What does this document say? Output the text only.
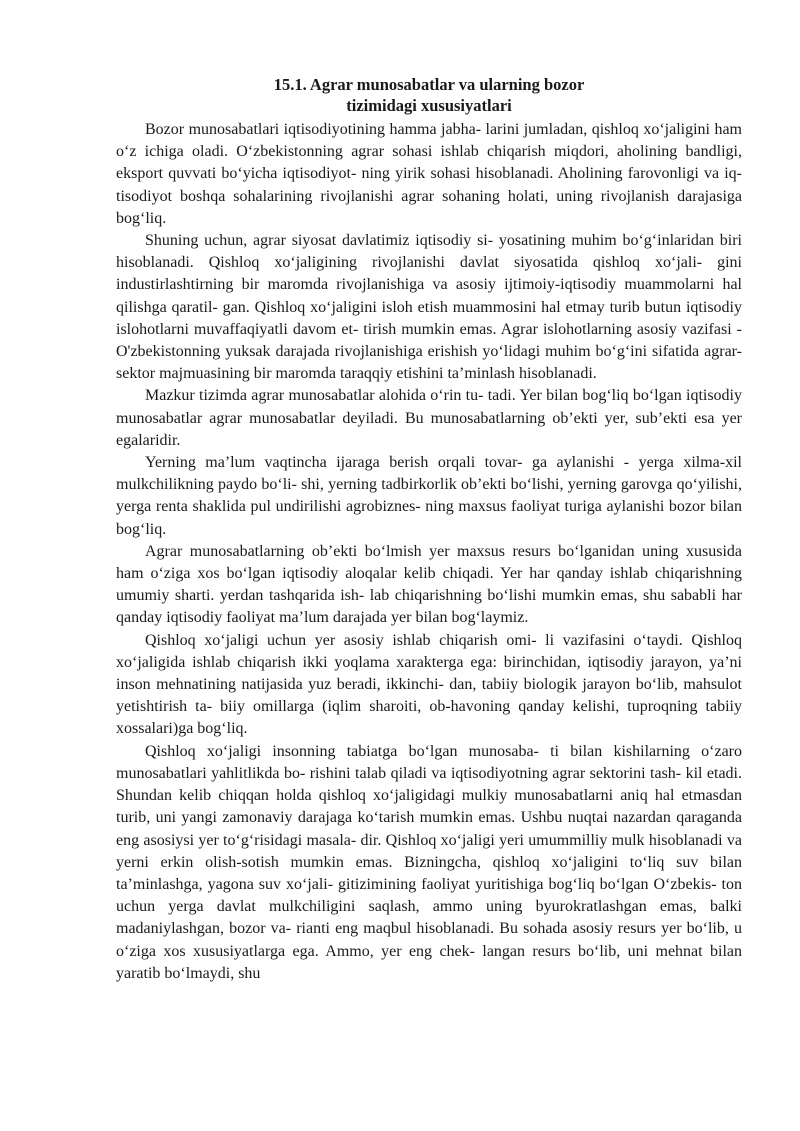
15.1. Agrar munosabatlar va ularning bozor
tizimidagi xususiyatlari

Bozor munosabatlari iqtisodiyotining hamma jabha- larini jumladan, qishloq xo‘jaligini ham o‘z ichiga oladi. O‘zbekistonning agrar sohasi ishlab chiqarish miqdori, aholining bandligi, eksport quvvati bo‘yicha iqtisodiyot- ning yirik sohasi hisoblanadi. Aholining farovonligi va iq- tisodiyot boshqa sohalarining rivojlanishi agrar sohaning holati, uning rivojlanish darajasiga bog‘liq.

Shuning uchun, agrar siyosat davlatimiz iqtisodiy si- yosatining muhim bo‘g‘inlaridan biri hisoblanadi. Qishloq xo‘jaligining rivojlanishi davlat siyosatida qishloq xo‘jali- gini industirlashtirning bir maromda rivojlanishiga va asosiy ijtimoiy-iqtisodiy muammolarni hal qilishga qaratil- gan. Qishloq xo‘jaligini isloh etish muammosini hal etmay turib butun iqtisodiy islohotlarni muvaffaqiyatli davom et- tirish mumkin emas. Agrar islohotlarning asosiy vazifasi - O'zbekistonning yuksak darajada rivojlanishiga erishish yo‘lidagi muhim bo‘g‘ini sifatida agrar-sektor majmuasining bir maromda taraqqiy etishini ta’minlash hisoblanadi.

Mazkur tizimda agrar munosabatlar alohida o‘rin tu- tadi. Yer bilan bog‘liq bo‘lgan iqtisodiy munosabatlar agrar munosabatlar deyiladi. Bu munosabatlarning ob’ekti yer, sub’ekti esa yer egalaridir.

Yerning ma’lum vaqtincha ijaraga berish orqali tovar- ga aylanishi - yerga xilma-xil mulkchilikning paydo bo‘li- shi, yerning tadbirkorlik ob’ekti bo‘lishi, yerning garovga qo‘yilishi, yerga renta shaklida pul undirilishi agrobiznes- ning maxsus faoliyat turiga aylanishi bozor bilan bog‘liq.

Agrar munosabatlarning ob’ekti bo‘lmish yer maxsus resurs bo‘lganidan uning xususida ham o‘ziga xos bo‘lgan iqtisodiy aloqalar kelib chiqadi. Yer har qanday ishlab chiqarishning umumiy sharti. yerdan tashqarida ish- lab chiqarishning bo‘lishi mumkin emas, shu sababli har qanday iqtisodiy faoliyat ma’lum darajada yer bilan bog‘laymiz.

Qishloq xo‘jaligi uchun yer asosiy ishlab chiqarish omi- li vazifasini o‘taydi. Qishloq xo‘jaligida ishlab chiqarish ikki yoqlama xarakterga ega: birinchidan, iqtisodiy jarayon, ya’ni inson mehnatining natijasida yuz beradi, ikkinchi- dan, tabiiy biologik jarayon bo‘lib, mahsulot yetishtirish ta- biiy omillarga (iqlim sharoiti, ob-havoning qanday kelishi, tuproqning tabiiy xossalari)ga bog‘liq.

Qishloq xo‘jaligi insonning tabiatga bo‘lgan munosaba- ti bilan kishilarning o‘zaro munosabatlari yahlitlikda bo- rishini talab qiladi va iqtisodiyotning agrar sektorini tash- kil etadi. Shundan kelib chiqqan holda qishloq xo‘jaligidagi mulkiy munosabatlarni aniq hal etmasdan turib, uni yangi zamonaviy darajaga ko‘tarish mumkin emas. Ushbu nuqtai nazardan qaraganda eng asosiysi yer to‘g‘risidagi masala- dir. Qishloq xo‘jaligi yeri umummilliy mulk hisoblanadi va yerni erkin olish-sotish mumkin emas. Bizningcha, qishloq xo‘jaligini to‘liq suv bilan ta’minlashga, yagona suv xo‘jali- gitizimining faoliyat yuritishiga bog‘liq bo‘lgan O‘zbekis- ton uchun yerga davlat mulkchiligini saqlash, ammo uning byurokratlashgan emas, balki madaniylashgan, bozor va- rianti eng maqbul hisoblanadi. Bu sohada asosiy resurs yer bo‘lib, u o‘ziga xos xususiyatlarga ega. Ammo, yer eng chek- langan resurs bo‘lib, uni mehnat bilan yaratib bo‘lmaydi, shu
